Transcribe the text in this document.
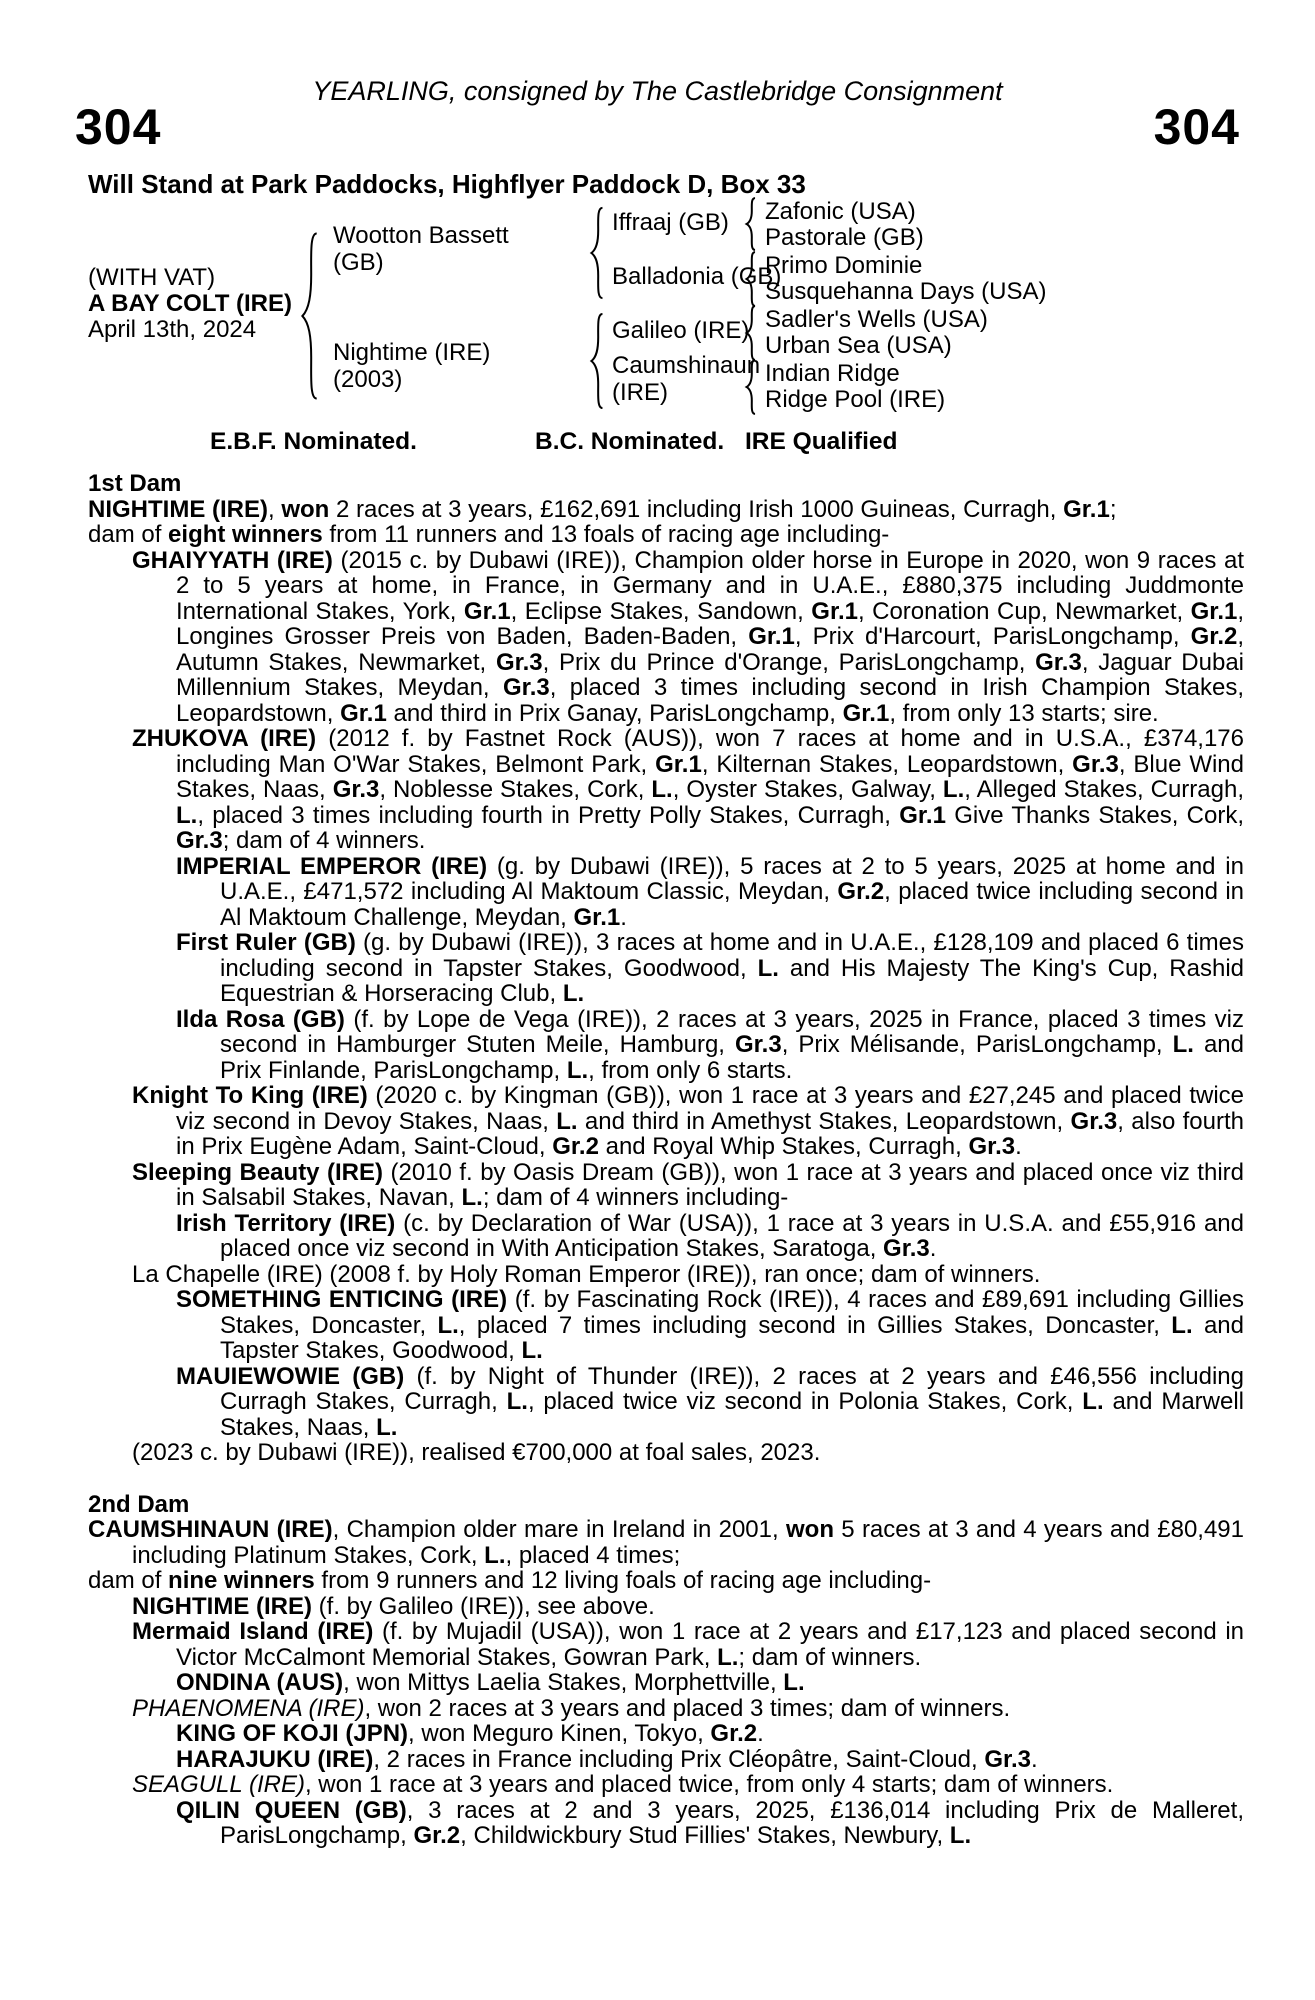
YEARLING, consigned by The Castlebridge Consignment
304	304
Will Stand at Park Paddocks, Highflyer Paddock D, Box 33
(WITH VAT)
A BAY COLT (IRE)
April 13th, 2024
Wootton Bassett
(GB)
Nightime (IRE)
(2003)
Iffraaj (GB)
Balladonia (GB)
Galileo (IRE)
Caumshinaun
(IRE)
Zafonic (USA)
Pastorale (GB)
Primo Dominie
Susquehanna Days (USA)
Sadler's Wells (USA)
Urban Sea (USA)
Indian Ridge
Ridge Pool (IRE)
E.B.F. Nominated.	B.C. Nominated. IRE Qualified
1st Dam

NIGHTIME (IRE), won 2 races at 3 years, £162,691 including Irish 1000 Guineas, Curragh, Gr.1;

dam of eight winners from 11 runners and 13 foals of racing age including-

GHAIYYATH (IRE) (2015 c. by Dubawi (IRE)), Champion older horse in Europe in 2020, won 9 races at 2 to 5 years at home, in France, in Germany and in U.A.E., £880,375 including Juddmonte International Stakes, York, Gr.1, Eclipse Stakes, Sandown, Gr.1, Coronation Cup, Newmarket, Gr.1, Longines Grosser Preis von Baden, Baden-Baden, Gr.1, Prix d'Harcourt, ParisLongchamp, Gr.2, Autumn Stakes, Newmarket, Gr.3, Prix du Prince d'Orange, ParisLongchamp, Gr.3, Jaguar Dubai Millennium Stakes, Meydan, Gr.3, placed 3 times including second in Irish Champion Stakes, Leopardstown, Gr.1 and third in Prix Ganay, ParisLongchamp, Gr.1, from only 13 starts; sire.

ZHUKOVA (IRE) (2012 f. by Fastnet Rock (AUS)), won 7 races at home and in U.S.A., £374,176 including Man O'War Stakes, Belmont Park, Gr.1, Kilternan Stakes, Leopardstown, Gr.3, Blue Wind Stakes, Naas, Gr.3, Noblesse Stakes, Cork, L., Oyster Stakes, Galway, L., Alleged Stakes, Curragh, L., placed 3 times including fourth in Pretty Polly Stakes, Curragh, Gr.1 Give Thanks Stakes, Cork, Gr.3; dam of 4 winners.

IMPERIAL EMPEROR (IRE) (g. by Dubawi (IRE)), 5 races at 2 to 5 years, 2025 at home and in U.A.E., £471,572 including Al Maktoum Classic, Meydan, Gr.2, placed twice including second in Al Maktoum Challenge, Meydan, Gr.1.

First Ruler (GB) (g. by Dubawi (IRE)), 3 races at home and in U.A.E., £128,109 and placed 6 times including second in Tapster Stakes, Goodwood, L. and His Majesty The King's Cup, Rashid Equestrian & Horseracing Club, L.

Ilda Rosa (GB) (f. by Lope de Vega (IRE)), 2 races at 3 years, 2025 in France, placed 3 times viz second in Hamburger Stuten Meile, Hamburg, Gr.3, Prix Mélisande, ParisLongchamp, L. and Prix Finlande, ParisLongchamp, L., from only 6 starts.

Knight To King (IRE) (2020 c. by Kingman (GB)), won 1 race at 3 years and £27,245 and placed twice viz second in Devoy Stakes, Naas, L. and third in Amethyst Stakes, Leopardstown, Gr.3, also fourth in Prix Eugène Adam, Saint-Cloud, Gr.2 and Royal Whip Stakes, Curragh, Gr.3.

Sleeping Beauty (IRE) (2010 f. by Oasis Dream (GB)), won 1 race at 3 years and placed once viz third in Salsabil Stakes, Navan, L.; dam of 4 winners including-

Irish Territory (IRE) (c. by Declaration of War (USA)), 1 race at 3 years in U.S.A. and £55,916 and placed once viz second in With Anticipation Stakes, Saratoga, Gr.3.

La Chapelle (IRE) (2008 f. by Holy Roman Emperor (IRE)), ran once; dam of winners.

SOMETHING ENTICING (IRE) (f. by Fascinating Rock (IRE)), 4 races and £89,691 including Gillies Stakes, Doncaster, L., placed 7 times including second in Gillies Stakes, Doncaster, L. and Tapster Stakes, Goodwood, L.

MAUIEWOWIE (GB) (f. by Night of Thunder (IRE)), 2 races at 2 years and £46,556 including Curragh Stakes, Curragh, L., placed twice viz second in Polonia Stakes, Cork, L. and Marwell Stakes, Naas, L.

(2023 c. by Dubawi (IRE)), realised €700,000 at foal sales, 2023.

2nd Dam

CAUMSHINAUN (IRE), Champion older mare in Ireland in 2001, won 5 races at 3 and 4 years and £80,491 including Platinum Stakes, Cork, L., placed 4 times;

dam of nine winners from 9 runners and 12 living foals of racing age including-

NIGHTIME (IRE) (f. by Galileo (IRE)), see above.

Mermaid Island (IRE) (f. by Mujadil (USA)), won 1 race at 2 years and £17,123 and placed second in Victor McCalmont Memorial Stakes, Gowran Park, L.; dam of winners.

ONDINA (AUS), won Mittys Laelia Stakes, Morphettville, L.

PHAENOMENA (IRE), won 2 races at 3 years and placed 3 times; dam of winners.

KING OF KOJI (JPN), won Meguro Kinen, Tokyo, Gr.2.

HARAJUKU (IRE), 2 races in France including Prix Cléopâtre, Saint-Cloud, Gr.3.

SEAGULL (IRE), won 1 race at 3 years and placed twice, from only 4 starts; dam of winners.

QILIN QUEEN (GB), 3 races at 2 and 3 years, 2025, £136,014 including Prix de Malleret, ParisLongchamp, Gr.2, Childwickbury Stud Fillies' Stakes, Newbury, L.
